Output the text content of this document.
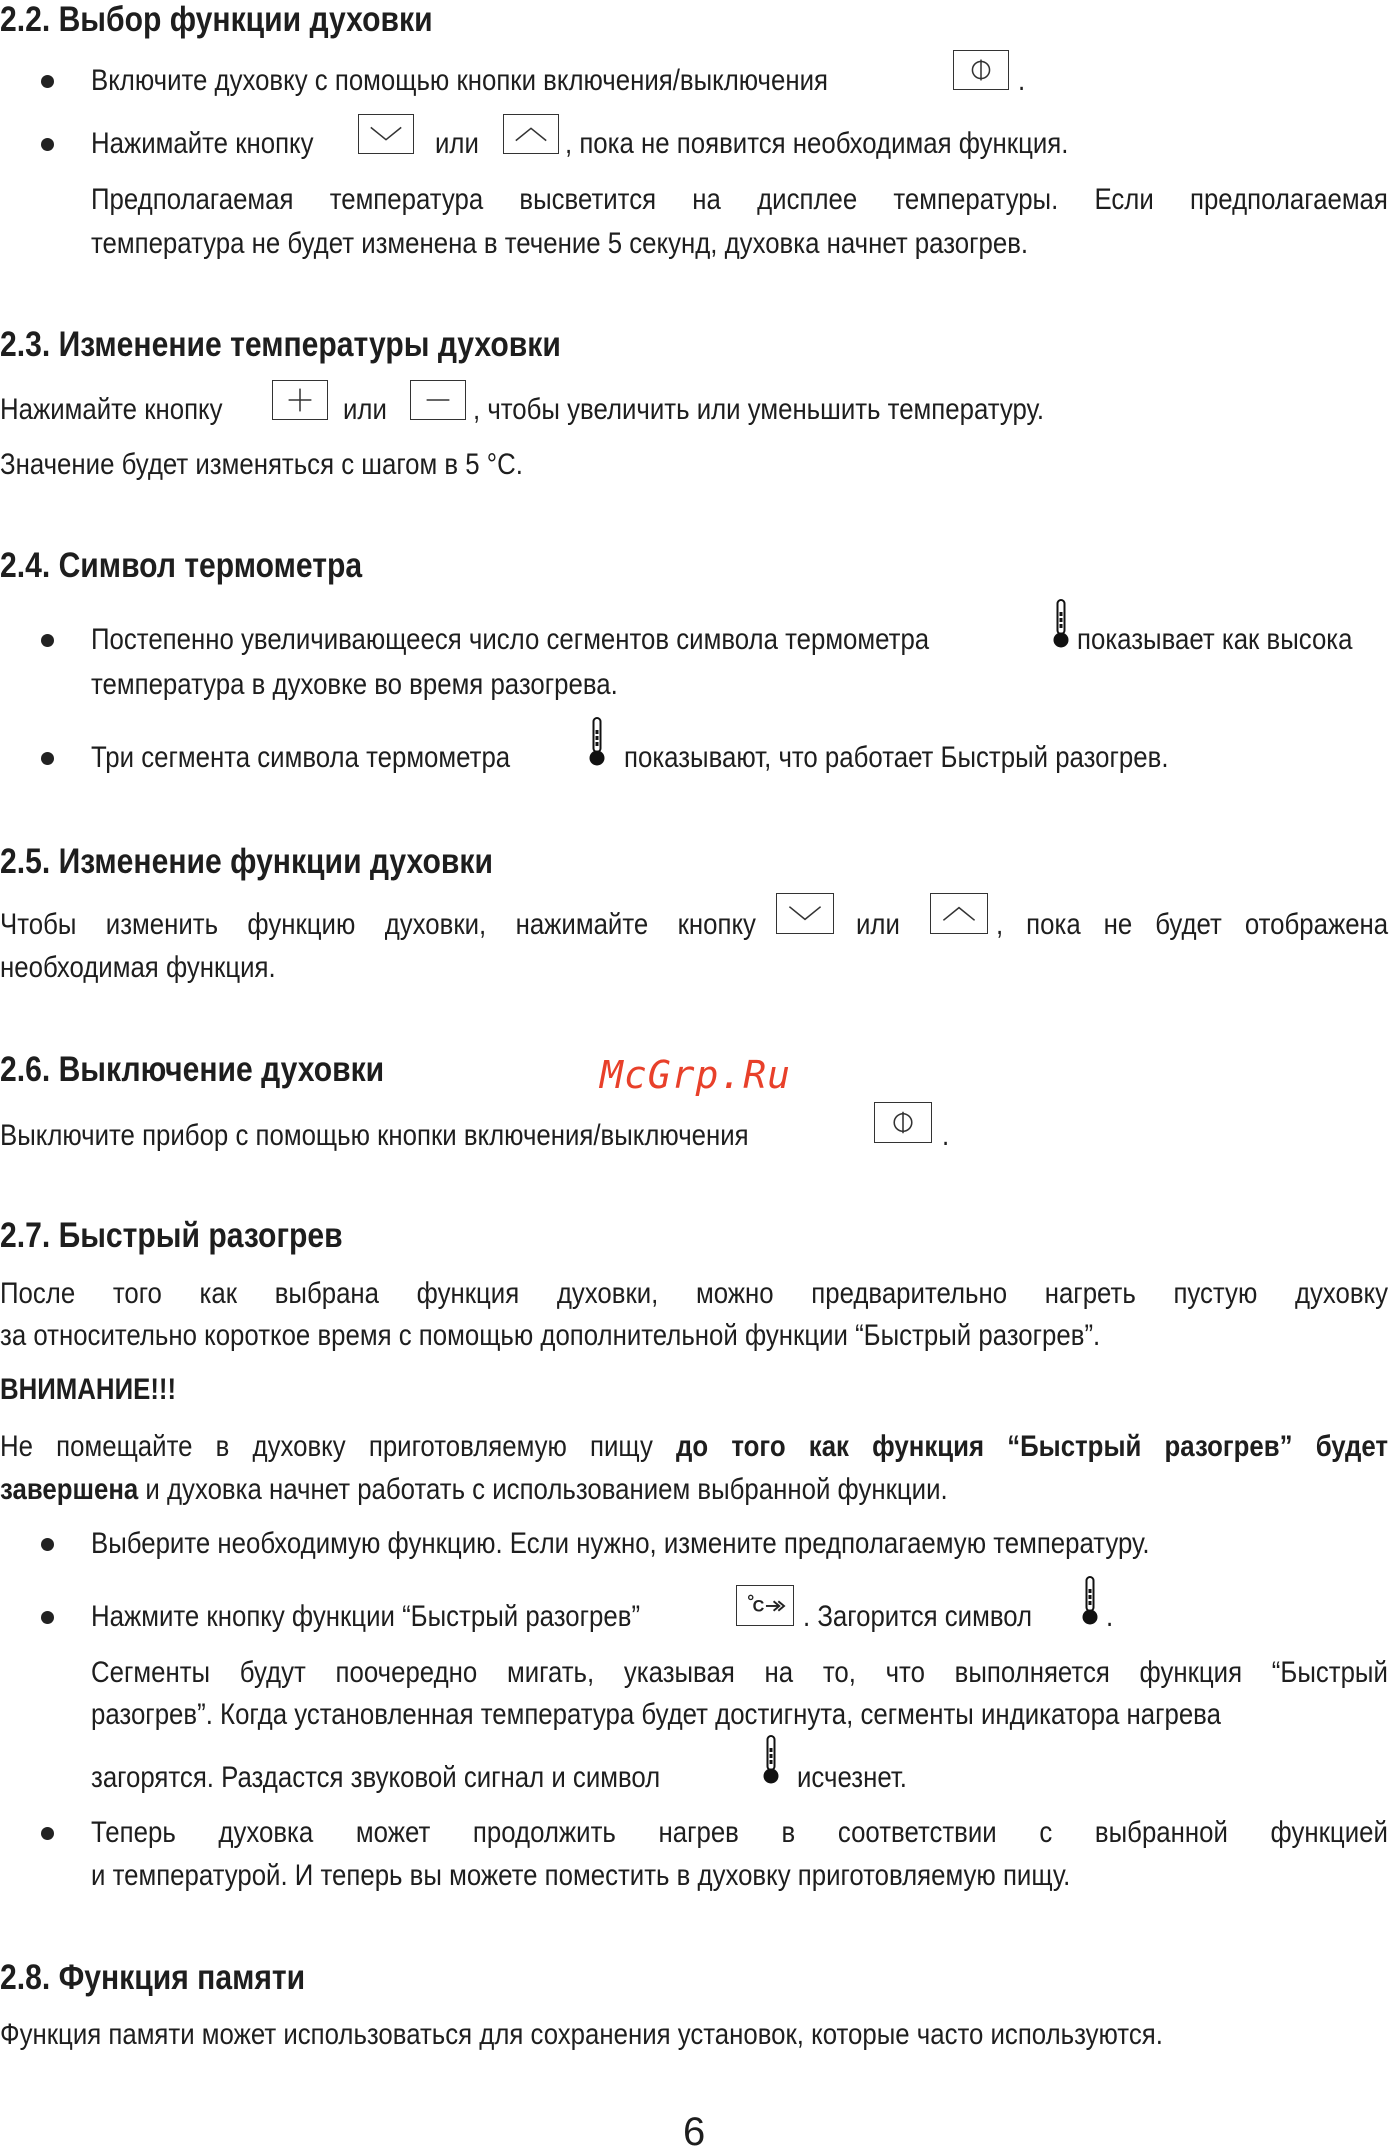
2.2. Выбор функции духовки
Включите духовку с помощью кнопки включения/выключения	.
Нажимайте кнопку	или	, пока не появится необходимая функция.
Предполагаемая температура высветится на дисплее температуры. Если предполагаемая
температура не будет изменена в течение 5 секунд, духовка начнет разогрев.
2.3. Изменение температуры духовки
Нажимайте кнопку	или	, чтобы увеличить или уменьшить температуру.
Значение будет изменяться с шагом в 5 °С.
2.4. Символ термометра
Постепенно увеличивающееся число сегментов символа термометра	показывает как высока
температура в духовке во время разогрева.
Три сегмента символа термометра	показывают, что работает Быстрый разогрев.
2.5. Изменение функции духовки
Чтобы изменить функцию духовки, нажимайте кнопку	или	, пока не будет отображена
необходимая функция.
2.6. Выключение духовки
Выключите прибор с помощью кнопки включения/выключения	.
McGrp.Ru
2.7. Быстрый разогрев
После того как выбрана функция духовки, можно предварительно нагреть пустую духовку
за относительно короткое время с помощью дополнительной функции “Быстрый разогрев”.
ВНИМАНИЕ!!!
Не помещайте в духовку приготовляемую пищу до того как функция “Быстрый разогрев” будет
завершена и духовка начнет работать с использованием выбранной функции.
Выберите необходимую функцию. Если нужно, измените предполагаемую температуру.
Нажмите кнопку функции “Быстрый разогрев”	C . Загорится символ .
Сегменты будут поочередно мигать, указывая на то, что выполняется функция “Быстрый
разогрев”. Когда установленная температура будет достигнута, сегменты индикатора нагрева
загорятся. Раздастся звуковой сигнал и символ	исчезнет.
Теперь духовка может продолжить нагрев в соответствии с выбранной функцией
и температурой. И теперь вы можете поместить в духовку приготовляемую пищу.
2.8. Функция памяти
Функция памяти может использоваться для сохранения установок, которые часто используются.
6
